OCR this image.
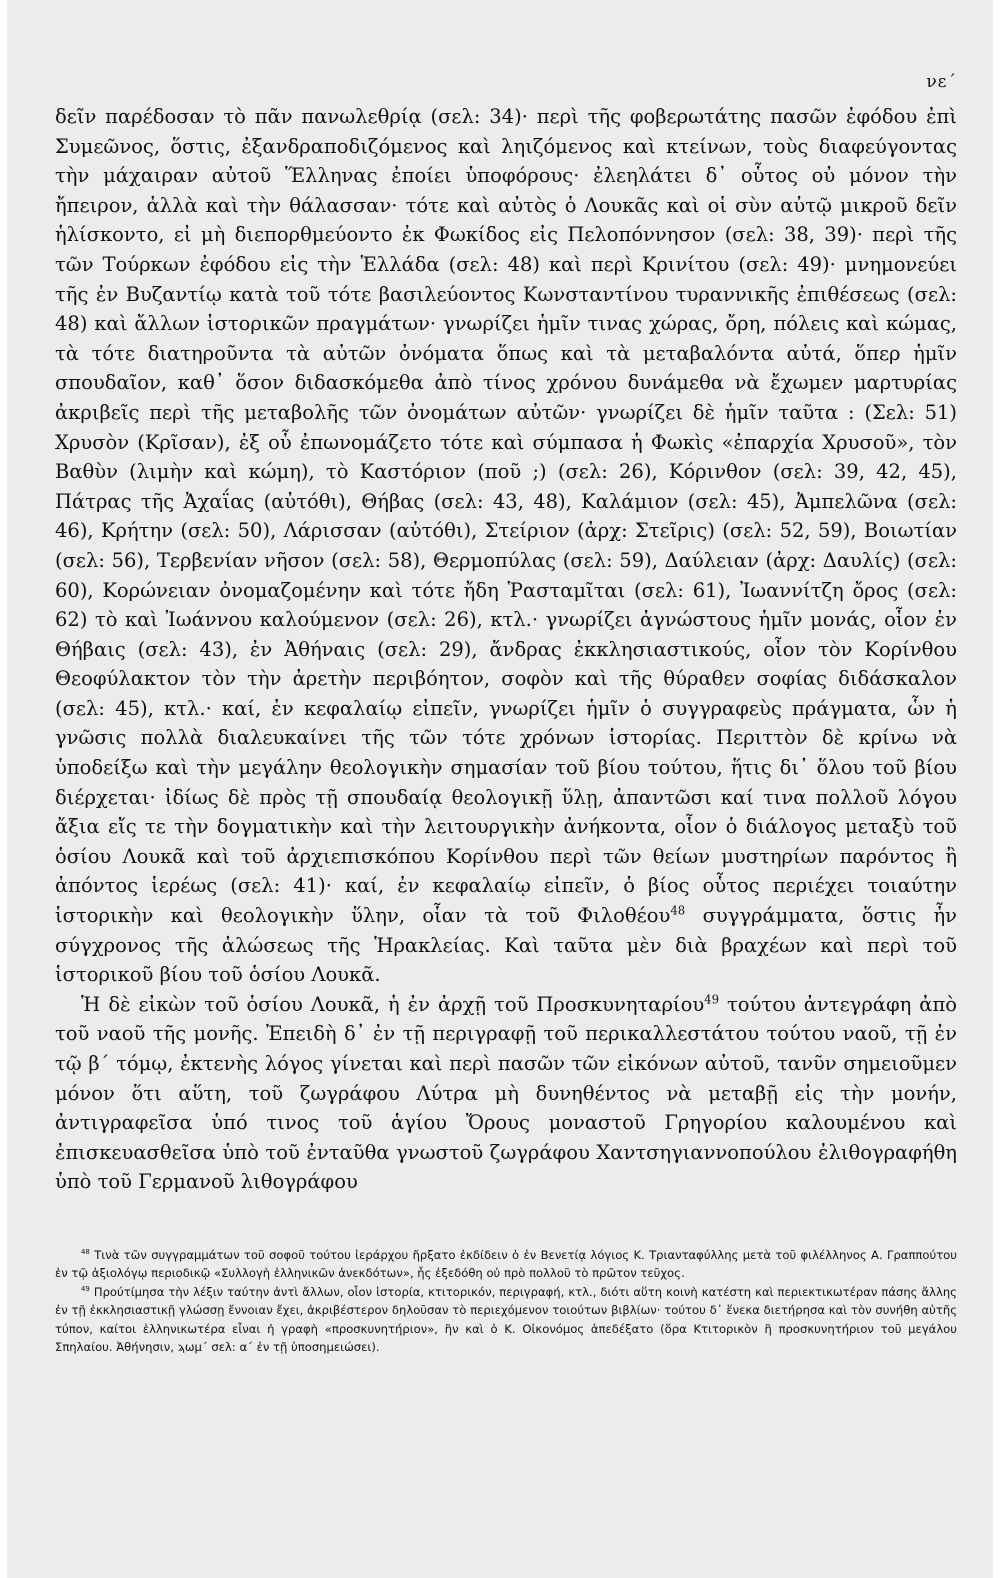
νε΄

δεῖν παρέδοσαν τὸ πᾶν πανωλεθρίᾳ (σελ: 34)· περὶ τῆς φοβερωτάτης πασῶν ἐφόδου ἐπὶ Συμεῶνος, ὅστις, ἐξανδραποδιζόμενος καὶ ληιζόμενος καὶ κτείνων, τοὺς διαφεύγοντας τὴν μάχαιραν αὐτοῦ Ἕλληνας ἐποίει ὑποφόρους· ἐλεηλάτει δ᾽ οὗτος οὐ μόνον τὴν ἤπειρον, ἀλλὰ καὶ τὴν θάλασσαν· τότε καὶ αὐτὸς ὁ Λουκᾶς καὶ οἱ σὺν αὐτῷ μικροῦ δεῖν ἡλίσκοντο, εἰ μὴ διεπορθμεύοντο ἐκ Φωκίδος εἰς Πελοπόννησον (σελ: 38, 39)· περὶ τῆς τῶν Τούρκων ἐφόδου εἰς τὴν Ἑλλάδα (σελ: 48) καὶ περὶ Κρινίτου (σελ: 49)· μνημονεύει τῆς ἐν Βυζαντίῳ κατὰ τοῦ τότε βασιλεύοντος Κωνσταντίνου τυραννικῆς ἐπιθέσεως (σελ: 48) καὶ ἄλλων ἱστορικῶν πραγμάτων· γνωρίζει ἡμῖν τινας χώρας, ὄρη, πόλεις καὶ κώμας, τὰ τότε διατηροῦντα τὰ αὐτῶν ὀνόματα ὅπως καὶ τὰ μεταβαλόντα αὐτά, ὅπερ ἡμῖν σπουδαῖον, καθ᾽ ὅσον διδασκόμεθα ἀπὸ τίνος χρόνου δυνάμεθα νὰ ἔχωμεν μαρτυρίας ἀκριβεῖς περὶ τῆς μεταβολῆς τῶν ὀνομάτων αὐτῶν· γνωρίζει δὲ ἡμῖν ταῦτα : (Σελ: 51) Χρυσὸν (Κρῖσαν), ἐξ οὗ ἐπωνομάζετο τότε καὶ σύμπασα ἡ Φωκὶς «ἐπαρχία Χρυσοῦ», τὸν Βαθὺν (λιμὴν καὶ κώμη), τὸ Καστόριον (ποῦ ;) (σελ: 26), Κόρινθον (σελ: 39, 42, 45), Πάτρας τῆς Ἀχαΐας (αὐτόθι), Θήβας (σελ: 43, 48), Καλάμιον (σελ: 45), Ἀμπελῶνα (σελ: 46), Κρήτην (σελ: 50), Λάρισσαν (αὐτόθι), Στείριον (ἀρχ: Στεῖρις) (σελ: 52, 59), Βοιωτίαν (σελ: 56), Τερβενίαν νῆσον (σελ: 58), Θερμοπύλας (σελ: 59), Δαύλειαν (ἀρχ: Δαυλίς) (σελ: 60), Κορώνειαν ὀνομαζομένην καὶ τότε ἤδη Ῥασταμῖται (σελ: 61), Ἰωαννίτζη ὄρος (σελ: 62) τὸ καὶ Ἰωάννου καλούμενον (σελ: 26), κτλ.· γνωρίζει ἀγνώστους ἡμῖν μονάς, οἷον ἐν Θήβαις (σελ: 43), ἐν Ἀθήναις (σελ: 29), ἄνδρας ἐκκλησιαστικούς, οἷον τὸν Κορίνθου Θεοφύλακτον τὸν τὴν ἀρετὴν περιβόητον, σοφὸν καὶ τῆς θύραθεν σοφίας διδάσκαλον (σελ: 45), κτλ.· καί, ἐν κεφαλαίῳ εἰπεῖν, γνωρίζει ἡμῖν ὁ συγγραφεὺς πράγματα, ὧν ἡ γνῶσις πολλὰ διαλευκαίνει τῆς τῶν τότε χρόνων ἱστορίας. Περιττὸν δὲ κρίνω νὰ ὑποδείξω καὶ τὴν μεγάλην θεολογικὴν σημασίαν τοῦ βίου τούτου, ἥτις δι᾽ ὅλου τοῦ βίου διέρχεται· ἰδίως δὲ πρὸς τῇ σπουδαίᾳ θεολογικῇ ὕλῃ, ἀπαντῶσι καί τινα πολλοῦ λόγου ἄξια εἴς τε τὴν δογματικὴν καὶ τὴν λειτουργικὴν ἀνήκοντα, οἷον ὁ διάλογος μεταξὺ τοῦ ὁσίου Λουκᾶ καὶ τοῦ ἀρχιεπισκόπου Κορίνθου περὶ τῶν θείων μυστηρίων παρόντος ἢ ἀπόντος ἱερέως (σελ: 41)· καί, ἐν κεφαλαίῳ εἰπεῖν, ὁ βίος οὗτος περιέχει τοιαύτην ἱστορικὴν καὶ θεολογικὴν ὕλην, οἷαν τὰ τοῦ Φιλοθέου$^{48}$ συγγράμματα, ὅστις ἦν σύγχρονος τῆς ἁλώσεως τῆς Ἡρακλείας. Καὶ ταῦτα μὲν διὰ βραχέων καὶ περὶ τοῦ ἱστορικοῦ βίου τοῦ ὁσίου Λουκᾶ.

Ἡ δὲ εἰκὼν τοῦ ὁσίου Λουκᾶ, ἡ ἐν ἀρχῇ τοῦ Προσκυνηταρίου$^{49}$ τούτου ἀντεγράφη ἀπὸ τοῦ ναοῦ τῆς μονῆς. Ἐπειδὴ δ᾽ ἐν τῇ περιγραφῇ τοῦ περικαλλεστάτου τούτου ναοῦ, τῇ ἐν τῷ β΄ τόμῳ, ἐκτενὴς λόγος γίνεται καὶ περὶ πασῶν τῶν εἰκόνων αὐτοῦ, τανῦν σημειοῦμεν μόνον ὅτι αὕτη, τοῦ ζωγράφου Λύτρα μὴ δυνηθέντος νὰ μεταβῇ εἰς τὴν μονήν, ἀντιγραφεῖσα ὑπό τινος τοῦ ἁγίου Ὄρους μοναστοῦ Γρηγορίου καλουμένου καὶ ἐπισκευασθεῖσα ὑπὸ τοῦ ἐνταῦθα γνωστοῦ ζωγράφου Χαντσηγιαννοπούλου ἐλιθογραφήθη ὑπὸ τοῦ Γερμανοῦ λιθογράφου

$^{48}$ Τινὰ τῶν συγγραμμάτων τοῦ σοφοῦ τούτου ἱεράρχου ἤρξατο ἐκδίδειν ὁ ἐν Βενετίᾳ λόγιος Κ. Τριανταφύλλης μετὰ τοῦ φιλέλληνος Α. Γραππούτου ἐν τῷ ἀξιολόγῳ περιοδικῷ «Συλλογὴ ἑλληνικῶν ἀνεκδότων», ἧς ἐξεδόθη οὐ πρὸ πολλοῦ τὸ πρῶτον τεῦχος.

$^{49}$ Προύτίμησα τὴν λέξιν ταύτην ἀντὶ ἄλλων, οἷον ἱστορία, κτιτορικόν, περιγραφή, κτλ., διότι αὕτη κοινὴ κατέστη καὶ περιεκτικωτέραν πάσης ἄλλης ἐν τῇ ἐκκλησιαστικῇ γλώσσῃ ἔννοιαν ἔχει, ἀκριβέστερον δηλοῦσαν τὸ περιεχόμενον τοιούτων βιβλίων· τούτου δ᾽ ἕνεκα διετήρησα καὶ τὸν συνήθη αὐτῆς τύπον, καίτοι ἑλληνικωτέρα εἶναι ἡ γραφὴ «προσκυνητήριον», ἣν καὶ ὁ Κ. Οἰκονόμος ἀπεδέξατο (ὅρα Κτιτορικὸν ἢ προσκυνητήριον τοῦ μεγάλου Σπηλαίου. Ἀθήνησιν, ϡωμ΄ σελ: α΄ ἐν τῇ ὑποσημειώσει).
